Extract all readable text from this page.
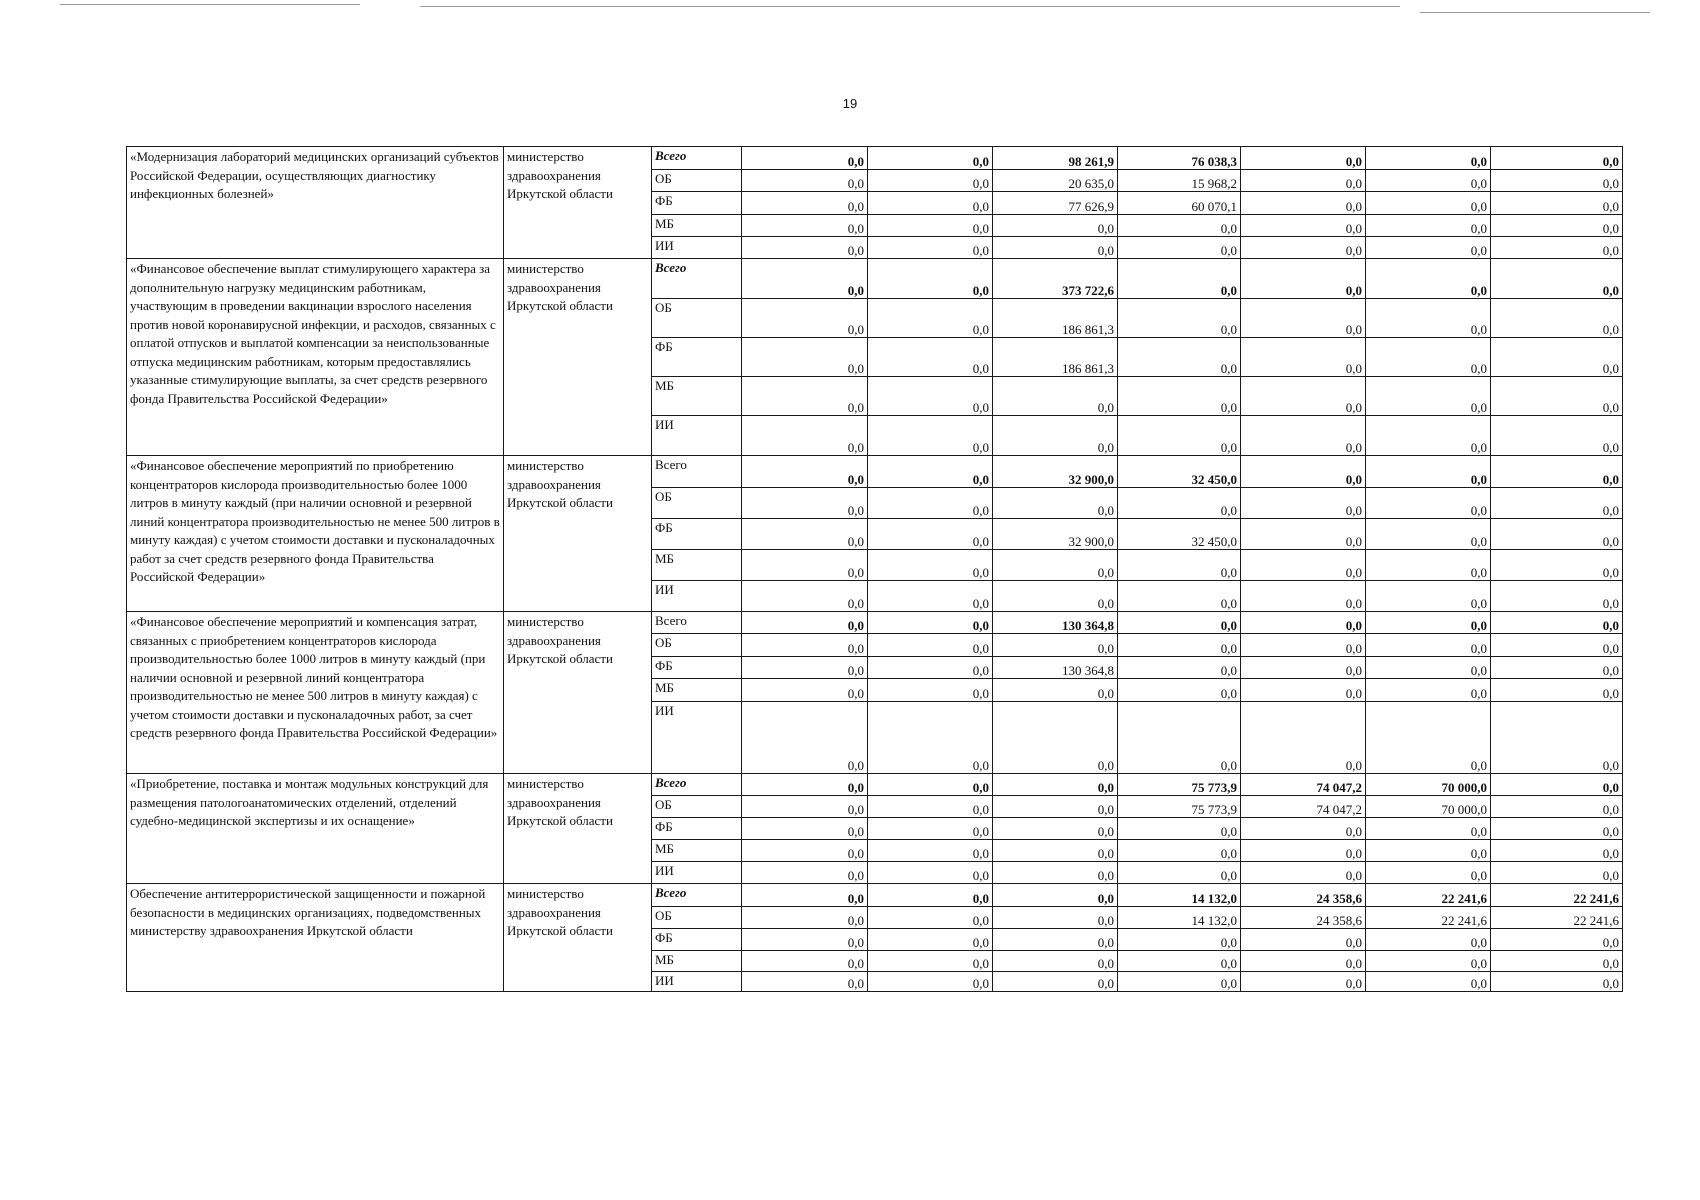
19
«Модернизация лабораторий медицинских организаций субъектов Российской Федерации, осуществляющих диагностику инфекционных болезней»	министерство здравоохранения Иркутской области	Всего	0,0	0,0	98 261,9	76 038,3	0,0	0,0	0,0
		ОБ	0,0	0,0	20 635,0	15 968,2	0,0	0,0	0,0
		ФБ	0,0	0,0	77 626,9	60 070,1	0,0	0,0	0,0
		МБ	0,0	0,0	0,0	0,0	0,0	0,0	0,0
		ИИ	0,0	0,0	0,0	0,0	0,0	0,0	0,0
«Финансовое обеспечение выплат стимулирующего характера за дополнительную нагрузку медицинским работникам, участвующим в проведении вакцинации взрослого населения против новой коронавирусной инфекции, и расходов, связанных с оплатой отпусков и выплатой компенсации за неиспользованные отпуска медицинским работникам, которым предоставлялись указанные стимулирующие выплаты, за счет средств резервного фонда Правительства Российской Федерации»	министерство здравоохранения Иркутской области	Всего	0,0	0,0	373 722,6	0,0	0,0	0,0	0,0
		ОБ	0,0	0,0	186 861,3	0,0	0,0	0,0	0,0
		ФБ	0,0	0,0	186 861,3	0,0	0,0	0,0	0,0
		МБ	0,0	0,0	0,0	0,0	0,0	0,0	0,0
		ИИ	0,0	0,0	0,0	0,0	0,0	0,0	0,0
«Финансовое обеспечение мероприятий по приобретению концентраторов кислорода производительностью более 1000 литров в минуту каждый (при наличии основной и резервной линий концентратора производительностью не менее 500 литров в минуту каждая) с учетом стоимости доставки и пусконаладочных работ за счет средств резервного фонда Правительства Российской Федерации»	министерство здравоохранения Иркутской области	Всего	0,0	0,0	32 900,0	32 450,0	0,0	0,0	0,0
		ОБ	0,0	0,0	0,0	0,0	0,0	0,0	0,0
		ФБ	0,0	0,0	32 900,0	32 450,0	0,0	0,0	0,0
		МБ	0,0	0,0	0,0	0,0	0,0	0,0	0,0
		ИИ	0,0	0,0	0,0	0,0	0,0	0,0	0,0
«Финансовое обеспечение мероприятий и компенсация затрат, связанных с приобретением концентраторов кислорода производительностью более 1000 литров в минуту каждый (при наличии основной и резервной линий концентратора производительностью не менее 500 литров в минуту каждая) с учетом стоимости доставки и пусконаладочных работ, за счет средств резервного фонда Правительства Российской Федерации»	министерство здравоохранения Иркутской области	Всего	0,0	0,0	130 364,8	0,0	0,0	0,0	0,0
		ОБ	0,0	0,0	0,0	0,0	0,0	0,0	0,0
		ФБ	0,0	0,0	130 364,8	0,0	0,0	0,0	0,0
		МБ	0,0	0,0	0,0	0,0	0,0	0,0	0,0
		ИИ	0,0	0,0	0,0	0,0	0,0	0,0	0,0
«Приобретение, поставка и монтаж модульных конструкций для размещения патологоанатомических отделений, отделений судебно-медицинской экспертизы и их оснащение»	министерство здравоохранения Иркутской области	Всего	0,0	0,0	0,0	75 773,9	74 047,2	70 000,0	0,0
		ОБ	0,0	0,0	0,0	75 773,9	74 047,2	70 000,0	0,0
		ФБ	0,0	0,0	0,0	0,0	0,0	0,0	0,0
		МБ	0,0	0,0	0,0	0,0	0,0	0,0	0,0
		ИИ	0,0	0,0	0,0	0,0	0,0	0,0	0,0
Обеспечение антитеррористической защищенности и пожарной безопасности в медицинских организациях, подведомственных министерству здравоохранения Иркутской области	министерство здравоохранения Иркутской области	Всего	0,0	0,0	0,0	14 132,0	24 358,6	22 241,6	22 241,6
		ОБ	0,0	0,0	0,0	14 132,0	24 358,6	22 241,6	22 241,6
		ФБ	0,0	0,0	0,0	0,0	0,0	0,0	0,0
		МБ	0,0	0,0	0,0	0,0	0,0	0,0	0,0
		ИИ	0,0	0,0	0,0	0,0	0,0	0,0	0,0
